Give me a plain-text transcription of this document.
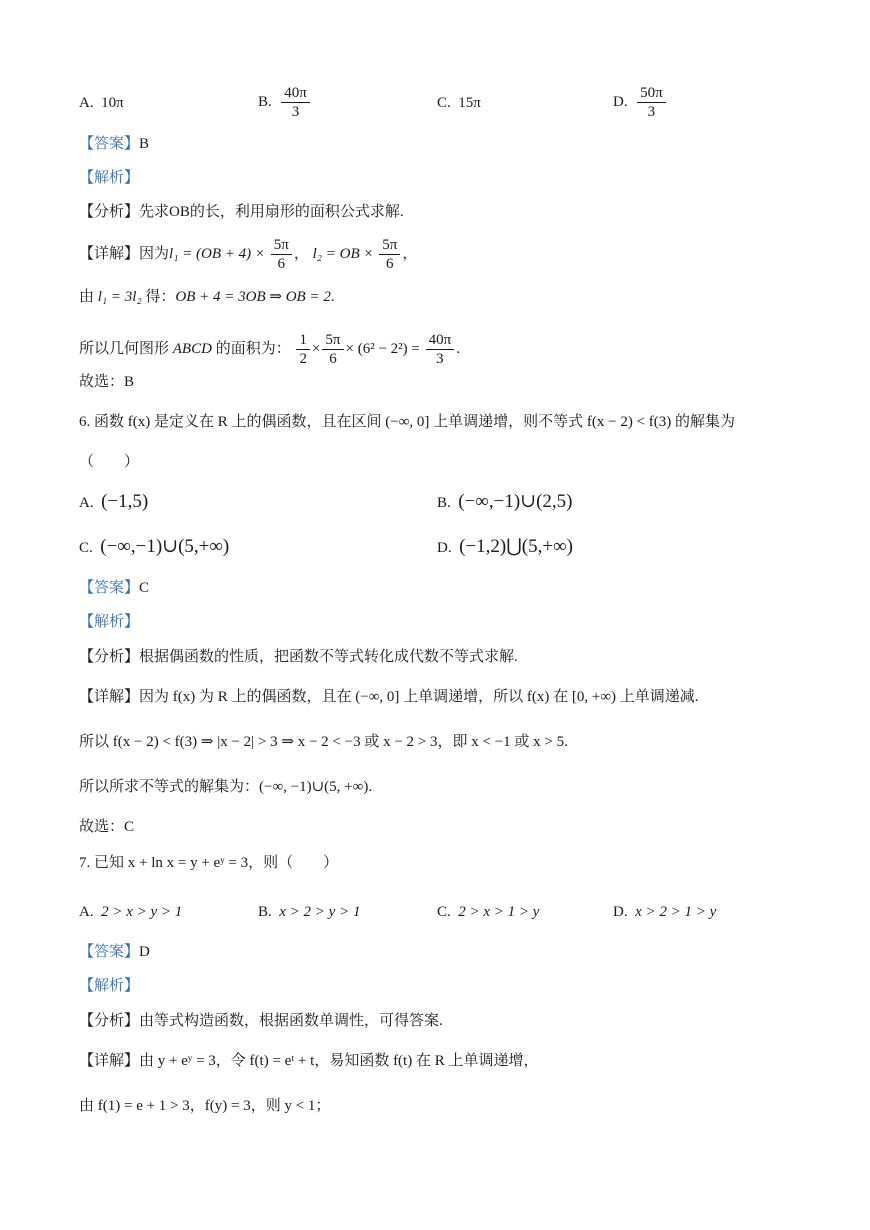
A. 10π	B. $\frac{40\pi}{3}$	C. 15π	D. $\frac{50\pi}{3}$
【答案】B
【解析】
【分析】先求OB的长，利用扇形的面积公式求解.
【详解】因为$l_1 = (OB + 4) \times \frac{5\pi}{6}$ ， l₂ = OB × $\frac{5\pi}{6}$ ，
由 l₁ = 3l₂ 得：OB + 4 = 3OB ⇒ OB = 2.
所以几何图形 ABCD 的面积为： $\frac{1}{2} \times \frac{5\pi}{6} \times (6^2 - 2^2) = \frac{40\pi}{3}$ .
故选：B
6. 函数 f(x) 是定义在 R 上的偶函数，且在区间 (−∞, 0] 上单调递增，则不等式 f(x − 2) < f(3) 的解集为
（　　）
A. (−1,5)	B. (−∞,−1)∪(2,5)
C. (−∞,−1)∪(5,+∞)	D. (−1,2)⋃(5,+∞)
【答案】C
【解析】
【分析】根据偶函数的性质，把函数不等式转化成代数不等式求解.
【详解】因为 f(x) 为 R 上的偶函数，且在 (−∞, 0] 上单调递增，所以 f(x) 在 [0, +∞) 上单调递减.
所以 f(x − 2) < f(3) ⇒ |x − 2| > 3 ⇒ x − 2 < −3 或 x − 2 > 3，即 x < −1 或 x > 5.
所以所求不等式的解集为：(−∞, −1)∪(5, +∞).
故选：C
7. 已知 x + ln x = y + eʸ = 3，则（　　）
A. 2 > x > y > 1	B. x > 2 > y > 1	C. 2 > x > 1 > y	D. x > 2 > 1 > y
【答案】D
【解析】
【分析】由等式构造函数，根据函数单调性，可得答案.
【详解】由 y + eʸ = 3，令 f(t) = eᵗ + t，易知函数 f(t) 在 R 上单调递增，
由 f(1) = e + 1 > 3，f(y) = 3，则 y < 1；
